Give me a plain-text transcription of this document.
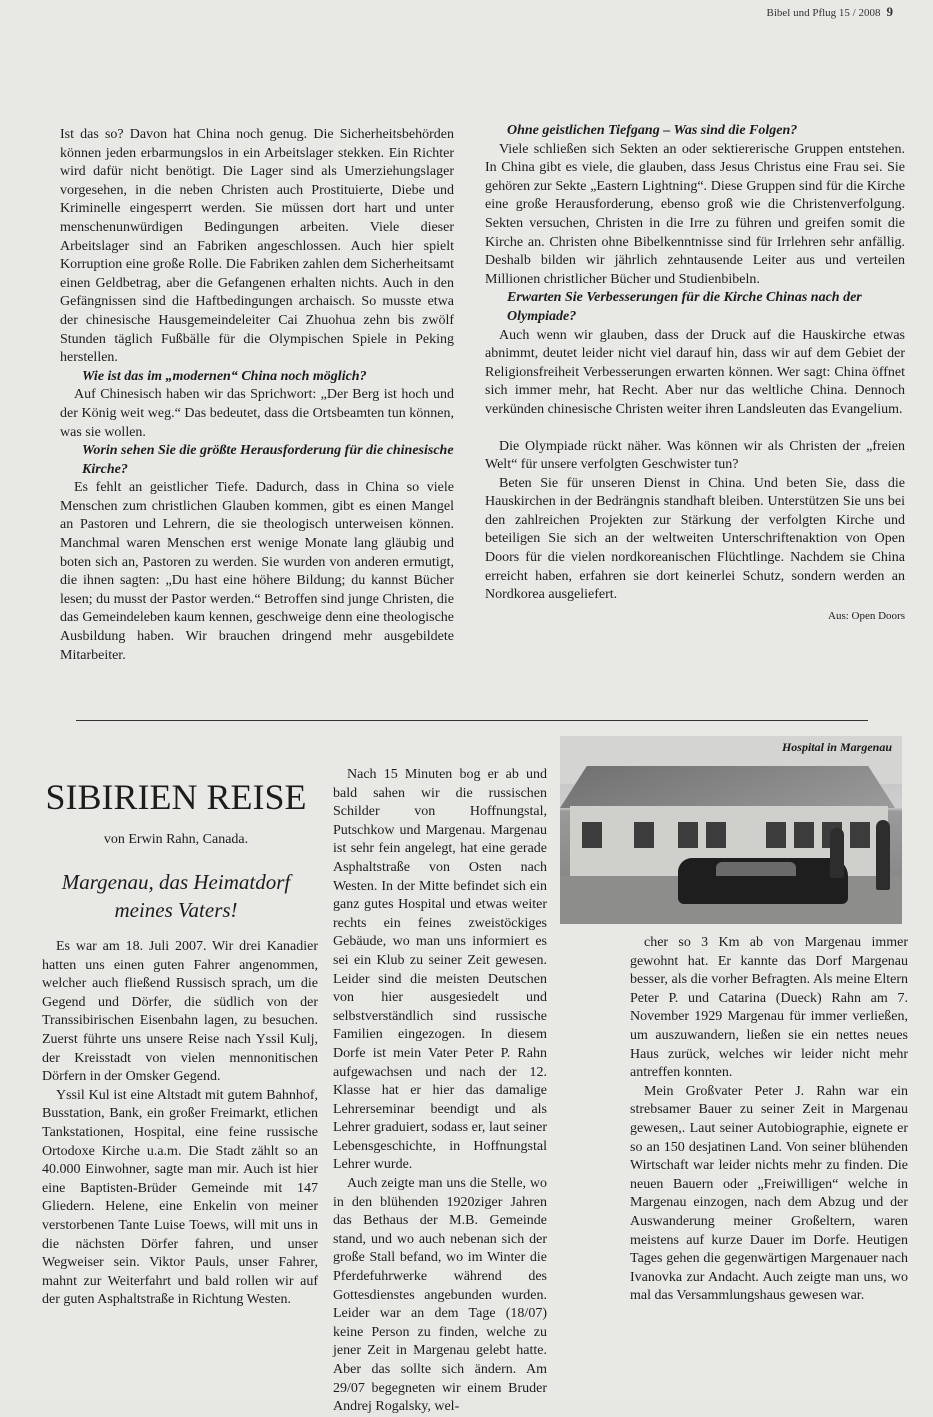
Bibel und Pflug 15 / 2008 9

Ist das so? Davon hat China noch genug. Die Sicherheitsbehörden können jeden erbarmungslos in ein Arbeitslager stekken. Ein Richter wird dafür nicht benötigt. Die Lager sind als Umerziehungslager vorgesehen, in die neben Christen auch Prostituierte, Diebe und Kriminelle eingesperrt werden. Sie müssen dort hart und unter menschenunwürdigen Bedingungen arbeiten. Viele dieser Arbeitslager sind an Fabriken angeschlossen. Auch hier spielt Korruption eine große Rolle. Die Fabriken zahlen dem Sicherheitsamt einen Geldbetrag, aber die Gefangenen erhalten nichts. Auch in den Gefängnissen sind die Haftbedingungen archaisch. So musste etwa der chinesische Hausgemeindeleiter Cai Zhuohua zehn bis zwölf Stunden täglich Fußbälle für die Olympischen Spiele in Peking herstellen.

Wie ist das im „modernen“ China noch möglich?

Auf Chinesisch haben wir das Sprichwort: „Der Berg ist hoch und der König weit weg.“ Das bedeutet, dass die Ortsbeamten tun können, was sie wollen.

Worin sehen Sie die größte Herausforderung für die chinesische Kirche?

Es fehlt an geistlicher Tiefe. Dadurch, dass in China so viele Menschen zum christlichen Glauben kommen, gibt es einen Mangel an Pastoren und Lehrern, die sie theologisch unterweisen können. Manchmal waren Menschen erst wenige Monate lang gläubig und boten sich an, Pastoren zu werden. Sie wurden von anderen ermutigt, die ihnen sagten: „Du hast eine höhere Bildung; du kannst Bücher lesen; du musst der Pastor werden.“ Betroffen sind junge Christen, die das Gemeindeleben kaum kennen, geschweige denn eine theologische Ausbildung haben. Wir brauchen dringend mehr ausgebildete Mitarbeiter.

Ohne geistlichen Tiefgang – Was sind die Folgen?

Viele schließen sich Sekten an oder sektiererische Gruppen entstehen. In China gibt es viele, die glauben, dass Jesus Christus eine Frau sei. Sie gehören zur Sekte „Eastern Lightning“. Diese Gruppen sind für die Kirche eine große Herausforderung, ebenso groß wie die Christenverfolgung. Sekten versuchen, Christen in die Irre zu führen und greifen somit die Kirche an. Christen ohne Bibelkenntnisse sind für Irrlehren sehr anfällig. Deshalb bilden wir jährlich zehntausende Leiter aus und verteilen Millionen christlicher Bücher und Studienbibeln.

Erwarten Sie Verbesserungen für die Kirche Chinas nach der Olympiade?

Auch wenn wir glauben, dass der Druck auf die Hauskirche etwas abnimmt, deutet leider nicht viel darauf hin, dass wir auf dem Gebiet der Religionsfreiheit Verbesserungen erwarten können. Wer sagt: China öffnet sich immer mehr, hat Recht. Aber nur das weltliche China. Dennoch verkünden chinesische Christen weiter ihren Landsleuten das Evangelium.

Die Olympiade rückt näher. Was können wir als Christen der „freien Welt“ für unsere verfolgten Geschwister tun?

Beten Sie für unseren Dienst in China. Und beten Sie, dass die Hauskirchen in der Bedrängnis standhaft bleiben. Unterstützen Sie uns bei den zahlreichen Projekten zur Stärkung der verfolgten Kirche und beteiligen Sie sich an der weltweiten Unterschriftenaktion von Open Doors für die vielen nordkoreanischen Flüchtlinge. Nachdem sie China erreicht haben, erfahren sie dort keinerlei Schutz, sondern werden an Nordkorea ausgeliefert.

Aus: Open Doors
SIBIRIEN REISE
von Erwin Rahn, Canada.
Margenau, das Heimatdorf meines Vaters!

Es war am 18. Juli 2007. Wir drei Kanadier hatten uns einen guten Fahrer angenommen, welcher auch fließend Russisch sprach, um die Gegend und Dörfer, die südlich von der Transsibirischen Eisenbahn lagen, zu besuchen. Zuerst führte uns unsere Reise nach Yssil Kulj, der Kreisstadt von vielen mennonitischen Dörfern in der Omsker Gegend.

Yssil Kul ist eine Altstadt mit gutem Bahnhof, Busstation, Bank, ein großer Freimarkt, etlichen Tankstationen, Hospital, eine feine russische Ortodoxe Kirche u.a.m. Die Stadt zählt so an 40.000 Einwohner, sagte man mir. Auch ist hier eine Baptisten-Brüder Gemeinde mit 147 Gliedern. Helene, eine Enkelin von meiner verstorbenen Tante Luise Toews, will mit uns in die nächsten Dörfer fahren, und unser Wegweiser sein. Viktor Pauls, unser Fahrer, mahnt zur Weiterfahrt und bald rollen wir auf der guten Asphaltstraße in Richtung Westen.

Nach 15 Minuten bog er ab und bald sahen wir die russischen Schilder von Hoffnungstal, Putschkow und Margenau. Margenau ist sehr fein angelegt, hat eine gerade Asphaltstraße von Osten nach Westen. In der Mitte befindet sich ein ganz gutes Hospital und etwas weiter rechts ein feines zweistöckiges Gebäude, wo man uns informiert es sei ein Klub zu seiner Zeit gewesen. Leider sind die meisten Deutschen von hier ausgesiedelt und selbstverständlich sind russische Familien eingezogen. In diesem Dorfe ist mein Vater Peter P. Rahn aufgewachsen und nach der 12. Klasse hat er hier das damalige Lehrerseminar beendigt und als Lehrer graduiert, sodass er, laut seiner Lebensgeschichte, in Hoffnungstal Lehrer wurde.

Auch zeigte man uns die Stelle, wo in den blühenden 1920ziger Jahren das Bethaus der M.B. Gemeinde stand, und wo auch nebenan sich der große Stall befand, wo im Winter die Pferdefuhrwerke während des Gottesdienstes angebunden wurden. Leider war an dem Tage (18/07) keine Person zu finden, welche zu jener Zeit in Margenau gelebt hatte. Aber das sollte sich ändern. Am 29/07 begegneten wir einem Bruder Andrej Rogalsky, wel-

Hospital in Margenau

cher so 3 Km ab von Margenau immer gewohnt hat. Er kannte das Dorf Margenau besser, als die vorher Befragten. Als meine Eltern Peter P. und Catarina (Dueck) Rahn am 7. November 1929 Margenau für immer verließen, um auszuwandern, ließen sie ein nettes neues Haus zurück, welches wir leider nicht mehr antreffen konnten.

Mein Großvater Peter J. Rahn war ein strebsamer Bauer zu seiner Zeit in Margenau gewesen,. Laut seiner Autobiographie, eignete er so an 150 desjatinen Land. Von seiner blühenden Wirtschaft war leider nichts mehr zu finden. Die neuen Bauern oder „Freiwilligen“ welche in Margenau einzogen, nach dem Abzug und der Auswanderung meiner Großeltern, waren meistens auf kurze Dauer im Dorfe. Heutigen Tages gehen die gegenwärtigen Margenauer nach Ivanovka zur Andacht. Auch zeigte man uns, wo mal das Versammlungshaus gewesen war.
